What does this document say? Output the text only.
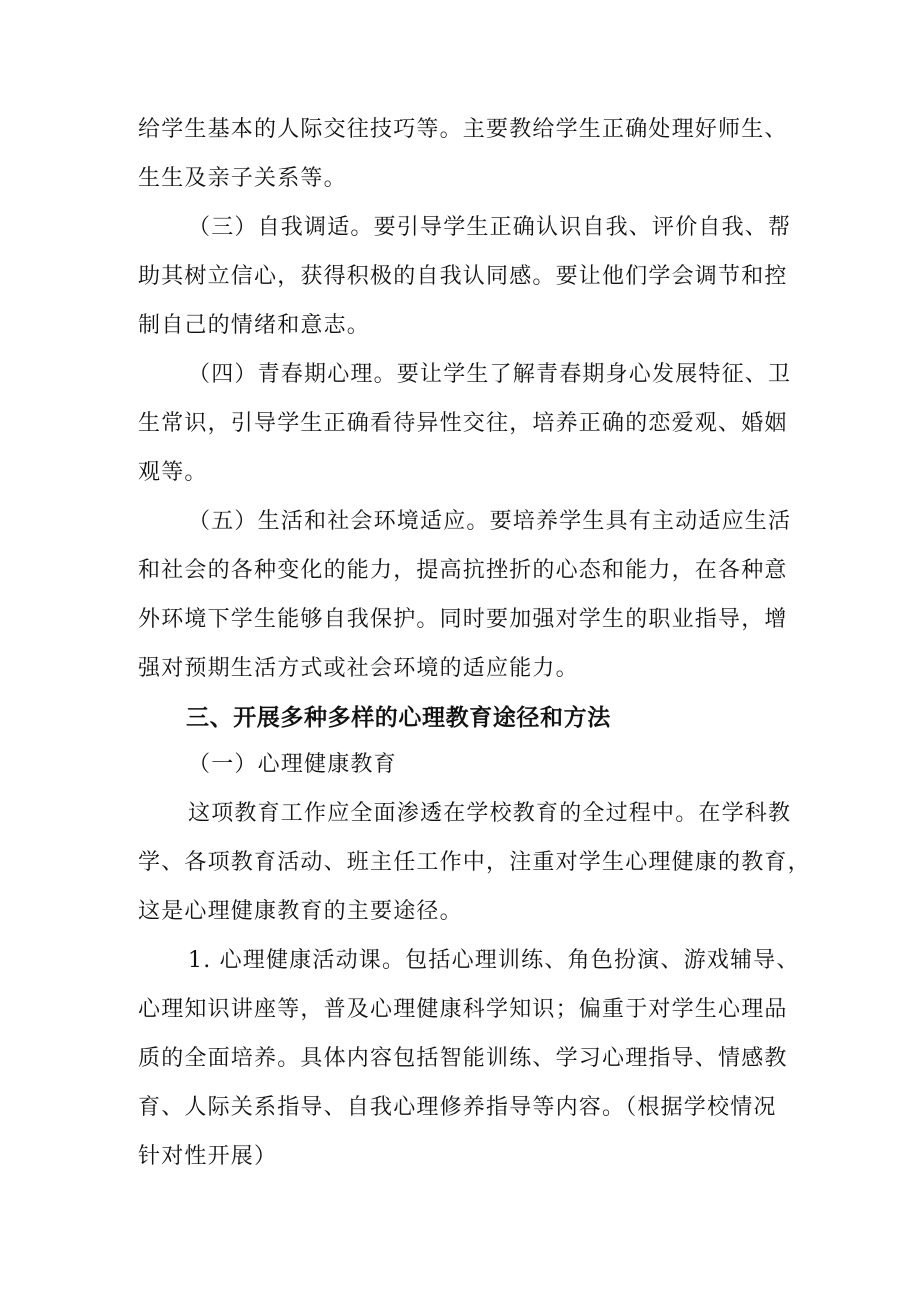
给学生基本的人际交往技巧等。主要教给学生正确处理好师生、
生生及亲子关系等。
（三）自我调适。要引导学生正确认识自我、评价自我、帮
助其树立信心，获得积极的自我认同感。要让他们学会调节和控
制自己的情绪和意志。
（四）青春期心理。要让学生了解青春期身心发展特征、卫
生常识，引导学生正确看待异性交往，培养正确的恋爱观、婚姻
观等。
（五）生活和社会环境适应。要培养学生具有主动适应生活
和社会的各种变化的能力，提高抗挫折的心态和能力，在各种意
外环境下学生能够自我保护。同时要加强对学生的职业指导，增
强对预期生活方式或社会环境的适应能力。
三、开展多种多样的心理教育途径和方法
（一）心理健康教育
这项教育工作应全面渗透在学校教育的全过程中。在学科教
学、各项教育活动、班主任工作中，注重对学生心理健康的教育，
这是心理健康教育的主要途径。
1. 心理健康活动课。包括心理训练、角色扮演、游戏辅导、
心理知识讲座等，普及心理健康科学知识；偏重于对学生心理品
质的全面培养。具体内容包括智能训练、学习心理指导、情感教
育、人际关系指导、自我心理修养指导等内容。（根据学校情况
针对性开展）
